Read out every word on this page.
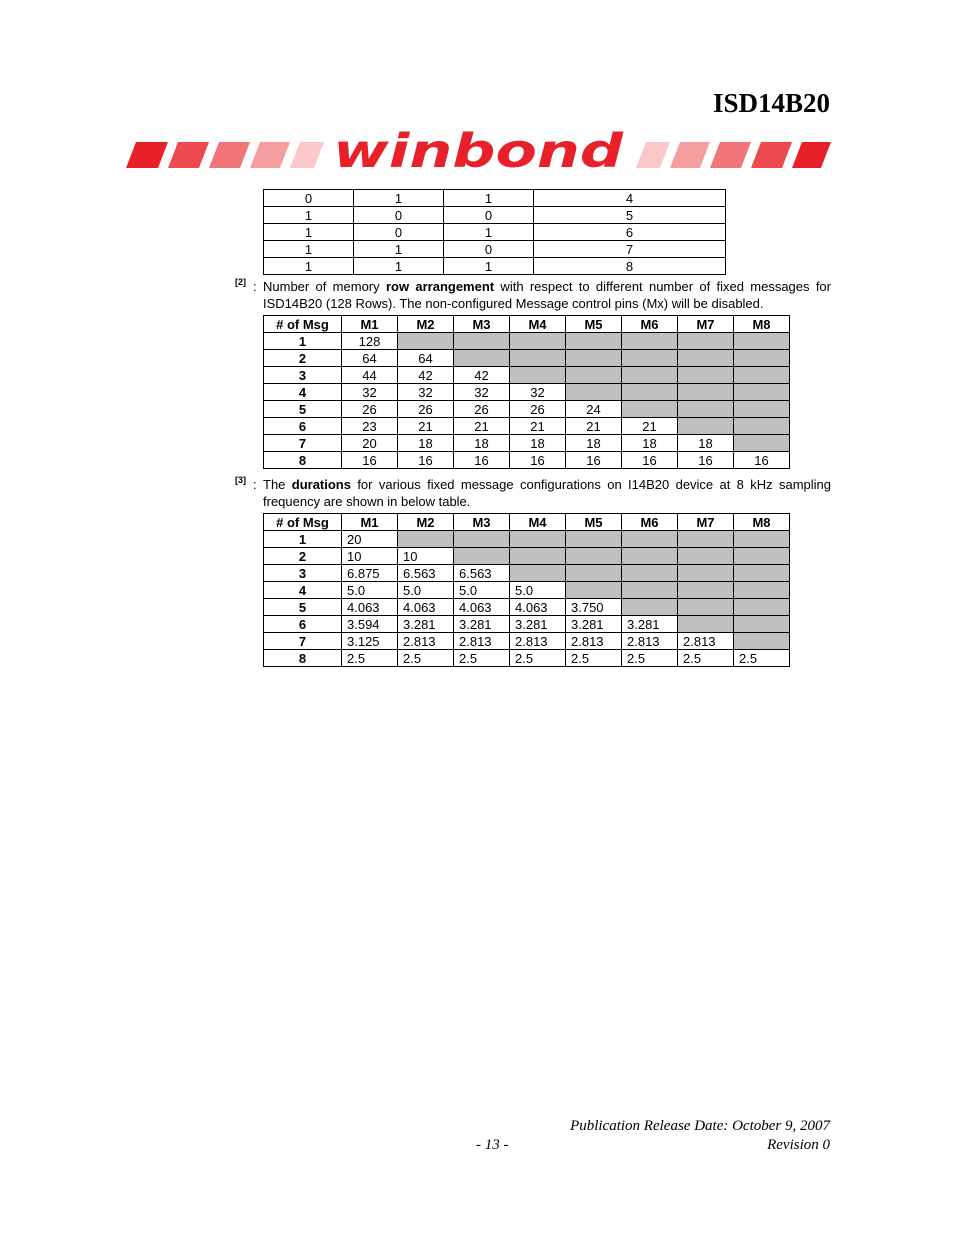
ISD14B20
winbond
0	1	1	4
1	0	0	5
1	0	1	6
1	1	0	7
1	1	1	8
[2] : Number of memory row arrangement with respect to different number of fixed messages for ISD14B20 (128 Rows). The non-configured Message control pins (Mx) will be disabled.
# of Msg	M1	M2	M3	M4	M5	M6	M7	M8
1	128							
2	64	64						
3	44	42	42					
4	32	32	32	32				
5	26	26	26	26	24			
6	23	21	21	21	21	21		
7	20	18	18	18	18	18	18	
8	16	16	16	16	16	16	16	16
[3] : The durations for various fixed message configurations on I14B20 device at 8 kHz sampling frequency are shown in below table.
# of Msg	M1	M2	M3	M4	M5	M6	M7	M8
1	20							
2	10	10						
3	6.875	6.563	6.563					
4	5.0	5.0	5.0	5.0				
5	4.063	4.063	4.063	4.063	3.750			
6	3.594	3.281	3.281	3.281	3.281	3.281		
7	3.125	2.813	2.813	2.813	2.813	2.813	2.813	
8	2.5	2.5	2.5	2.5	2.5	2.5	2.5	2.5
Publication Release Date: October 9, 2007
- 13 -	Revision 0
